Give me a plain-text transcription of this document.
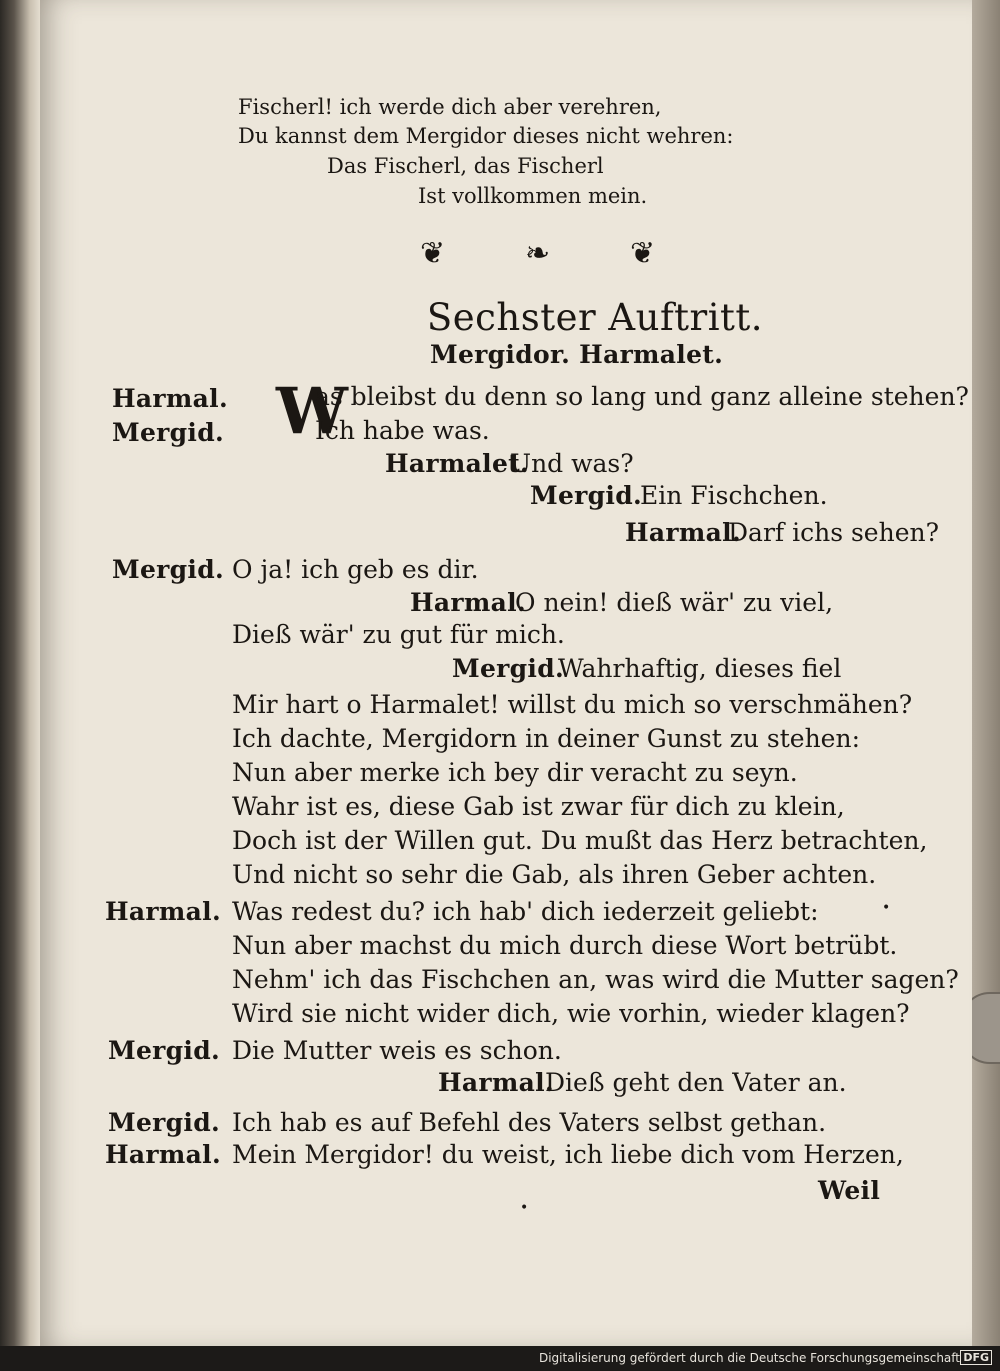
Fischerl! ich werde dich aber verehren,
Du kannst dem Mergidor dieses nicht wehren:
Das Fischerl, das Fischerl
Ist vollkommen mein.
❦	❧	❦
Sechster Auftritt.
Mergidor. Harmalet.
Harmal. W
as bleibst du denn so lang und ganz alleine stehen?
Mergid.	Ich habe was.
Harmalet.
Und was?
Mergid.
Ein Fischchen.
Harmal.
Darf ichs sehen?
Mergid. O ja! ich geb es dir.
Harmal.
O nein! dieß wär' zu viel,
Dieß wär' zu gut für mich.
Mergid.
Wahrhaftig, dieses fiel
Mir hart o Harmalet! willst du mich so verschmähen?
Ich dachte, Mergidorn in deiner Gunst zu stehen:
Nun aber merke ich bey dir veracht zu seyn.
Wahr ist es, diese Gab ist zwar für dich zu klein,
Doch ist der Willen gut. Du mußt das Herz betrachten,
Und nicht so sehr die Gab, als ihren Geber achten.
Harmal. Was redest du? ich hab' dich iederzeit geliebt:
Nun aber machst du mich durch diese Wort betrübt.
Nehm' ich das Fischchen an, was wird die Mutter sagen?
Wird sie nicht wider dich, wie vorhin, wieder klagen?
Mergid. Die Mutter weis es schon.
Harmal.
Dieß geht den Vater an.
Mergid. Ich hab es auf Befehl des Vaters selbst gethan.
Harmal. Mein Mergidor! du weist, ich liebe dich vom Herzen,
Weil
•
•
Digitalisierung gefördert durch die Deutsche Forschungsgemeinschaft DFG
